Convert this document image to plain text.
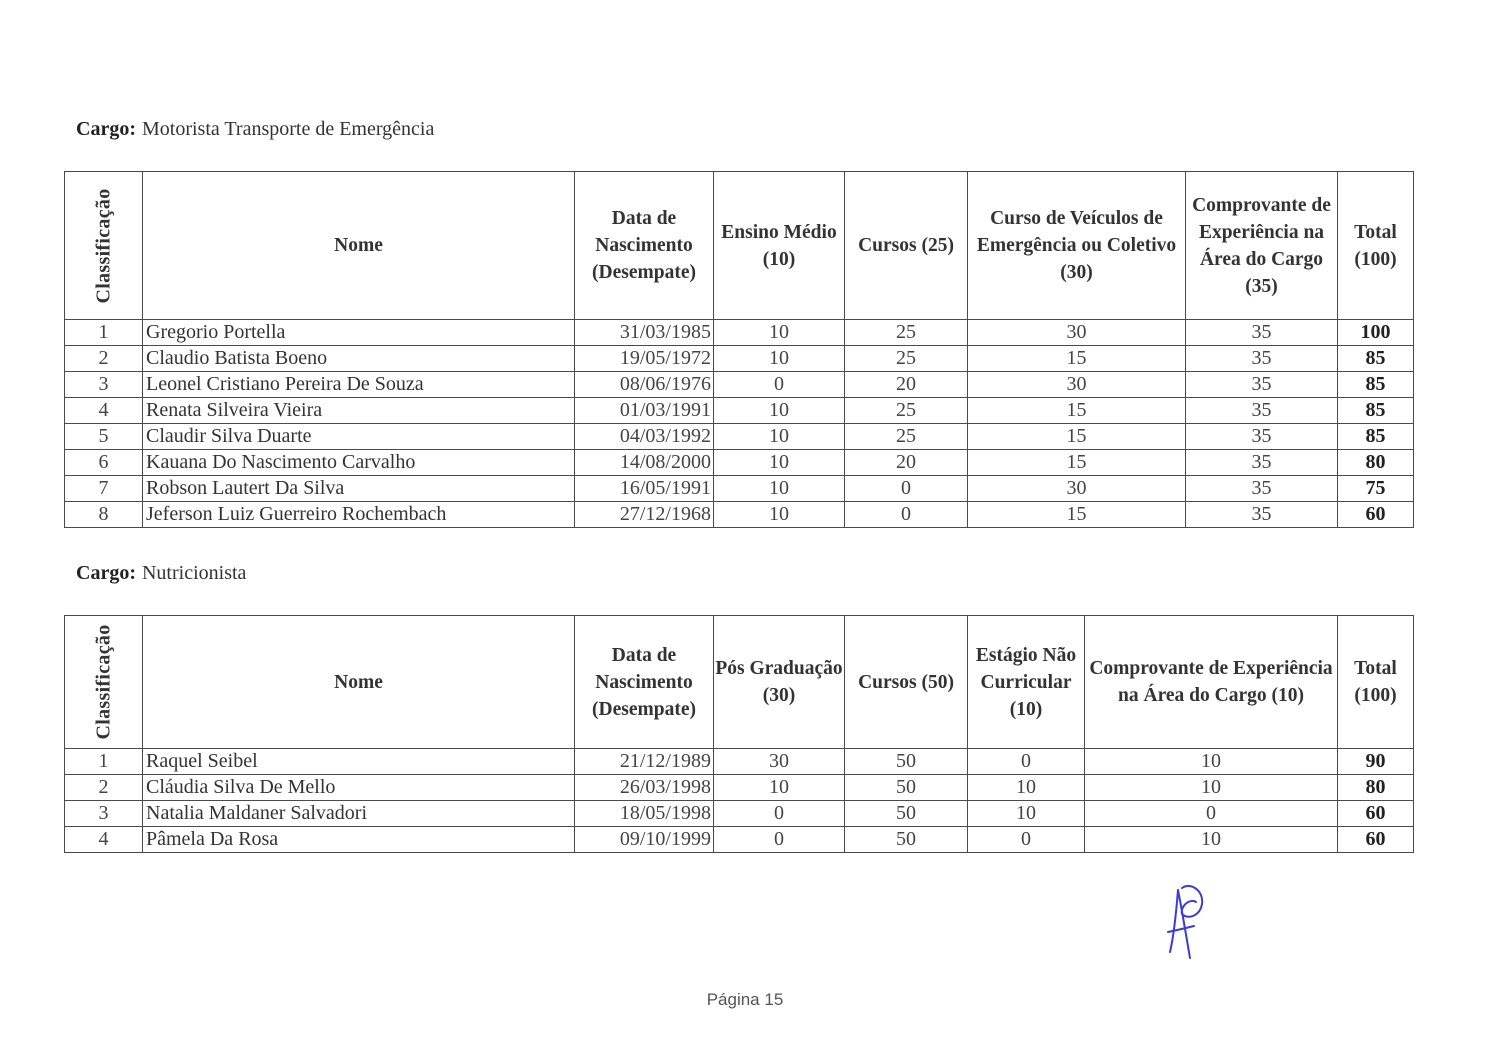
Cargo: Motorista Transporte de Emergência
Classificação	Nome	Data de Nascimento (Desempate)	Ensino Médio (10)	Cursos (25)	Curso de Veículos de Emergência ou Coletivo (30)	Comprovante de Experiência na Área do Cargo (35)	Total (100)
1	Gregorio Portella	31/03/1985	10	25	30	35	100
2	Claudio Batista Boeno	19/05/1972	10	25	15	35	85
3	Leonel Cristiano Pereira De Souza	08/06/1976	0	20	30	35	85
4	Renata Silveira Vieira	01/03/1991	10	25	15	35	85
5	Claudir Silva Duarte	04/03/1992	10	25	15	35	85
6	Kauana Do Nascimento Carvalho	14/08/2000	10	20	15	35	80
7	Robson Lautert Da Silva	16/05/1991	10	0	30	35	75
8	Jeferson Luiz Guerreiro Rochembach	27/12/1968	10	0	15	35	60
Cargo: Nutricionista
Classificação	Nome	Data de Nascimento (Desempate)	Pós Graduação (30)	Cursos (50)	Estágio Não Curricular (10)	Comprovante de Experiência na Área do Cargo (10)	Total (100)
1	Raquel Seibel	21/12/1989	30	50	0	10	90
2	Cláudia Silva De Mello	26/03/1998	10	50	10	10	80
3	Natalia Maldaner Salvadori	18/05/1998	0	50	10	0	60
4	Pâmela Da Rosa	09/10/1999	0	50	0	10	60
Página 15
